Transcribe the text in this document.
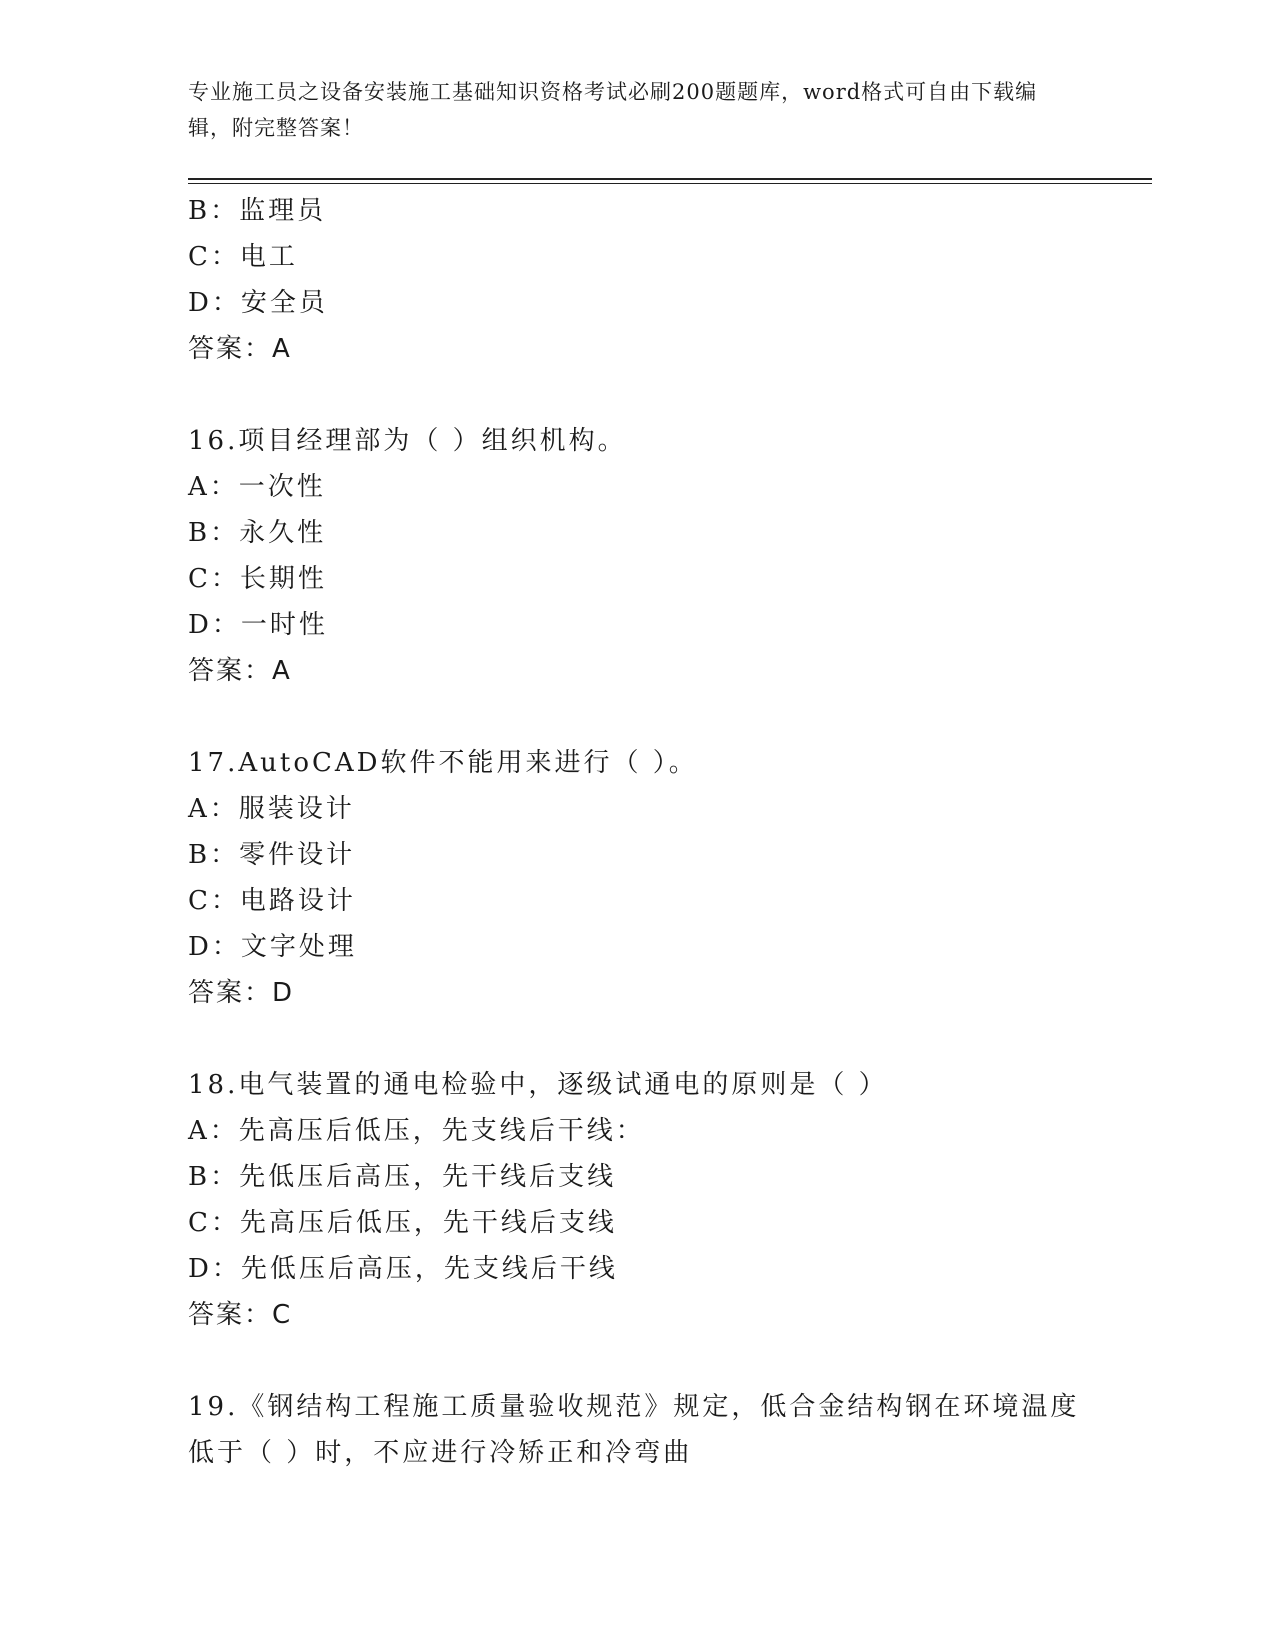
专业施工员之设备安装施工基础知识资格考试必刷200题题库，word格式可自由下载编辑，附完整答案！
B：监理员
C：电工
D：安全员
答案：A
16.项目经理部为（ ）组织机构。
A：一次性
B：永久性
C：长期性
D：一时性
答案：A
17.AutoCAD软件不能用来进行（ ）。
A：服装设计
B：零件设计
C：电路设计
D：文字处理
答案：D
18.电气装置的通电检验中，逐级试通电的原则是（ ）
A：先高压后低压，先支线后干线：
B：先低压后高压，先干线后支线
C：先高压后低压，先干线后支线
D：先低压后高压，先支线后干线
答案：C
19.《钢结构工程施工质量验收规范》规定，低合金结构钢在环境温度
低于（ ）时，不应进行冷矫正和冷弯曲
